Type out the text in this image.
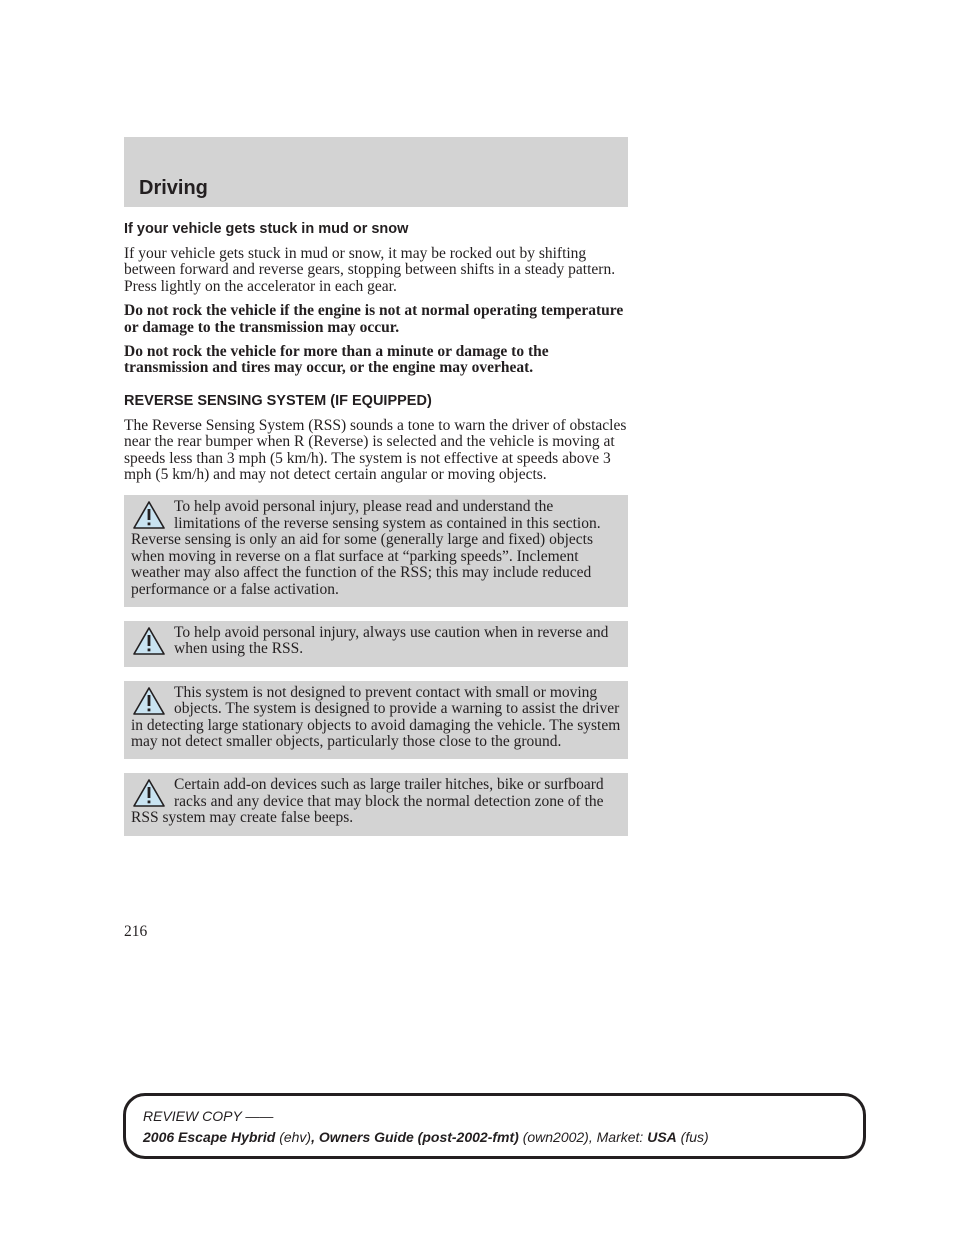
Driving
If your vehicle gets stuck in mud or snow

If your vehicle gets stuck in mud or snow, it may be rocked out by shifting between forward and reverse gears, stopping between shifts in a steady pattern. Press lightly on the accelerator in each gear.

Do not rock the vehicle if the engine is not at normal operating temperature or damage to the transmission may occur.

Do not rock the vehicle for more than a minute or damage to the transmission and tires may occur, or the engine may overheat.

REVERSE SENSING SYSTEM (IF EQUIPPED)

The Reverse Sensing System (RSS) sounds a tone to warn the driver of obstacles near the rear bumper when R (Reverse) is selected and the vehicle is moving at speeds less than 3 mph (5 km/h). The system is not effective at speeds above 3 mph (5 km/h) and may not detect certain angular or moving objects.

To help avoid personal injury, please read and understand the limitations of the reverse sensing system as contained in this section. Reverse sensing is only an aid for some (generally large and fixed) objects when moving in reverse on a flat surface at “parking speeds”. Inclement weather may also affect the function of the RSS; this may include reduced performance or a false activation.
To help avoid personal injury, always use caution when in reverse and when using the RSS.
This system is not designed to prevent contact with small or moving objects. The system is designed to provide a warning to assist the driver in detecting large stationary objects to avoid damaging the vehicle. The system may not detect smaller objects, particularly those close to the ground.
Certain add-on devices such as large trailer hitches, bike or surfboard racks and any device that may block the normal detection zone of the RSS system may create false beeps.

216

REVIEW COPY ——
2006 Escape Hybrid (ehv), Owners Guide (post-2002-fmt) (own2002), Market: USA (fus)
